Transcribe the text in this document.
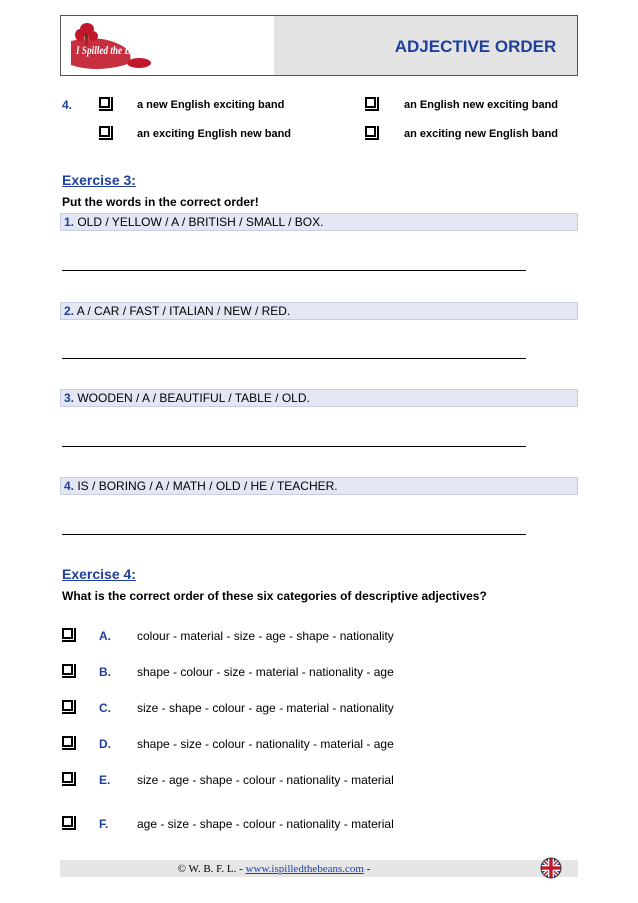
I Spilled the Beans	ADJECTIVE ORDER
4.	a new English exciting band	an English new exciting band
an exciting English new band	an exciting new English band
Exercise 3:
Put the words in the correct order!
1. OLD / YELLOW / A / BRITISH / SMALL / BOX.
2. A / CAR / FAST / ITALIAN / NEW / RED.
3. WOODEN / A / BEAUTIFUL / TABLE / OLD.
4. IS / BORING / A / MATH / OLD / HE / TEACHER.
Exercise 4:
What is the correct order of these six categories of descriptive adjectives?
A. colour - material - size - age - shape - nationality
B. shape - colour - size - material - nationality - age
C. size - shape - colour - age - material - nationality
D. shape - size - colour - nationality - material - age
E. size - age - shape - colour - nationality - material
F. age - size - shape - colour - nationality - material
© W. B. F. L. - www.ispilledthebeans.com -
